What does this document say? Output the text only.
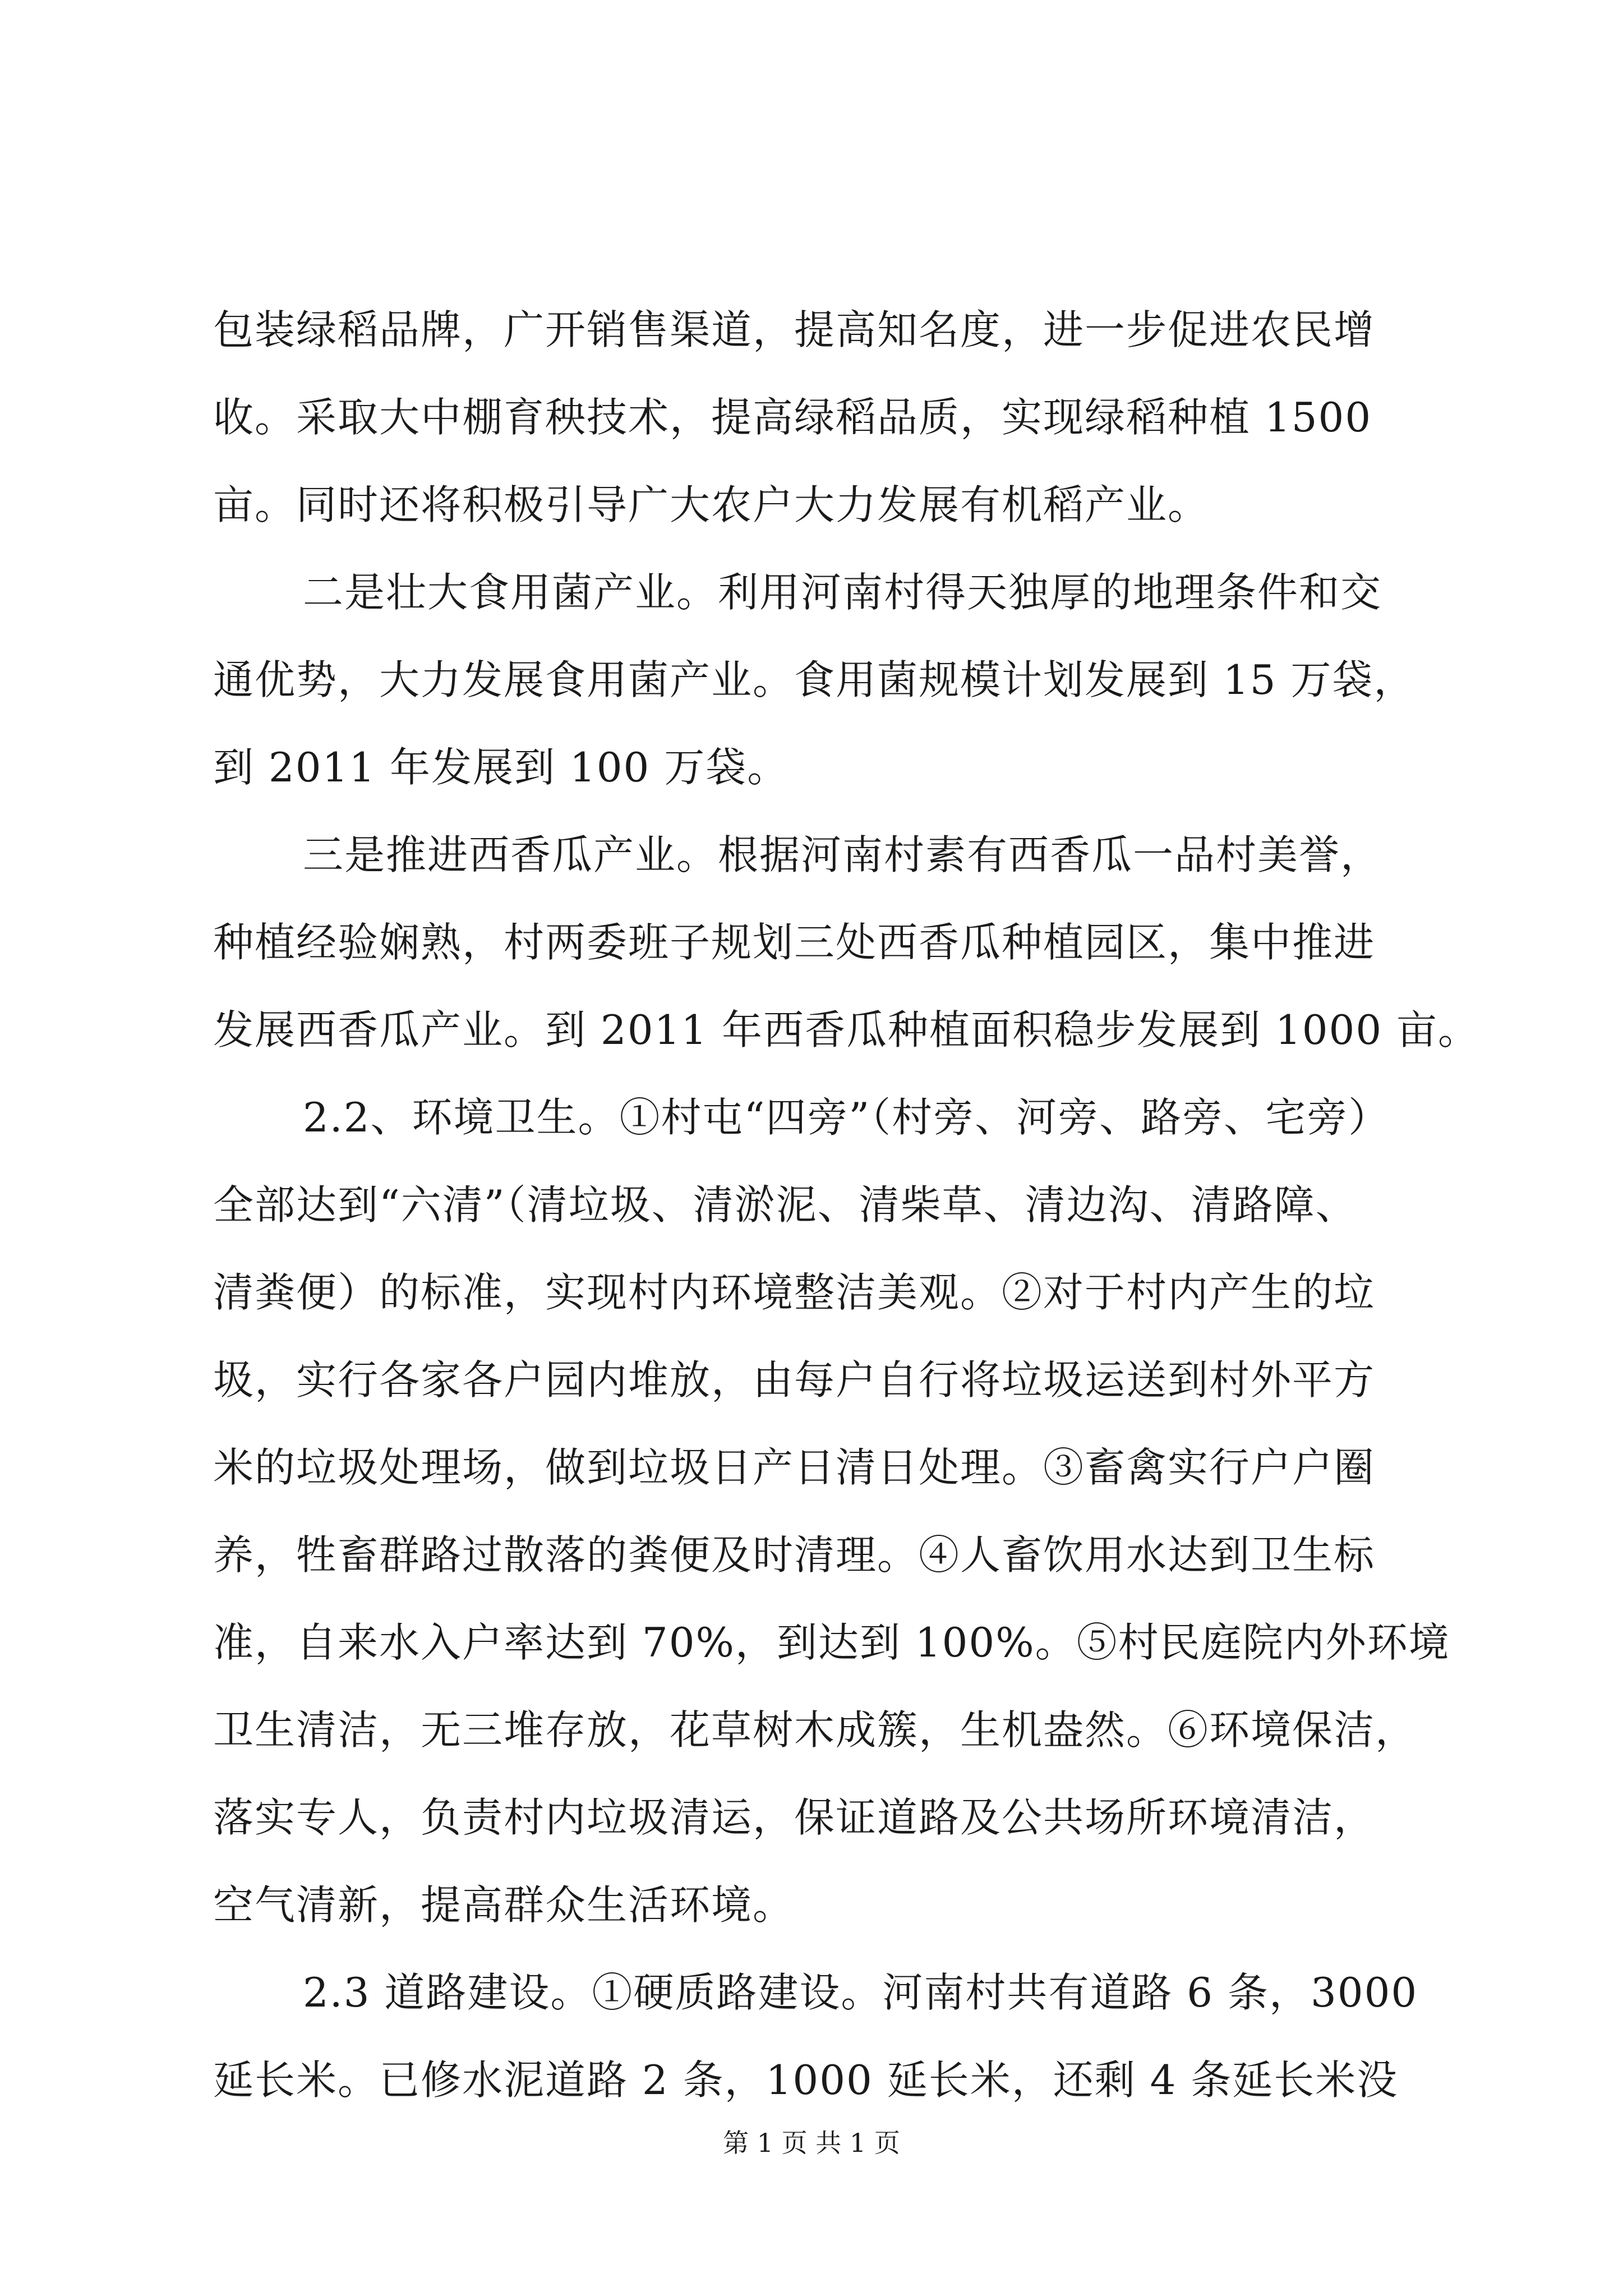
包装绿稻品牌，广开销售渠道，提高知名度，进一步促进农民增
收。采取大中棚育秧技术，提高绿稻品质，实现绿稻种植 1500
亩。同时还将积极引导广大农户大力发展有机稻产业。
二是壮大食用菌产业。利用河南村得天独厚的地理条件和交
通优势，大力发展食用菌产业。食用菌规模计划发展到 15 万袋，
到 2011 年发展到 100 万袋。
三是推进西香瓜产业。根据河南村素有西香瓜一品村美誉，
种植经验娴熟，村两委班子规划三处西香瓜种植园区，集中推进
发展西香瓜产业。到 2011 年西香瓜种植面积稳步发展到 1000 亩。
2.2、环境卫生。①村屯“四旁”（村旁、河旁、路旁、宅旁）
全部达到“六清”（清垃圾、清淤泥、清柴草、清边沟、清路障、
清粪便）的标准，实现村内环境整洁美观。②对于村内产生的垃
圾，实行各家各户园内堆放，由每户自行将垃圾运送到村外平方
米的垃圾处理场，做到垃圾日产日清日处理。③畜禽实行户户圈
养，牲畜群路过散落的粪便及时清理。④人畜饮用水达到卫生标
准，自来水入户率达到 70%，到达到 100%。⑤村民庭院内外环境
卫生清洁，无三堆存放，花草树木成簇，生机盎然。⑥环境保洁，
落实专人，负责村内垃圾清运，保证道路及公共场所环境清洁，
空气清新，提高群众生活环境。
2.3 道路建设。①硬质路建设。河南村共有道路 6 条，3000
延长米。已修水泥道路 2 条，1000 延长米，还剩 4 条延长米没
第 1 页 共 1 页
